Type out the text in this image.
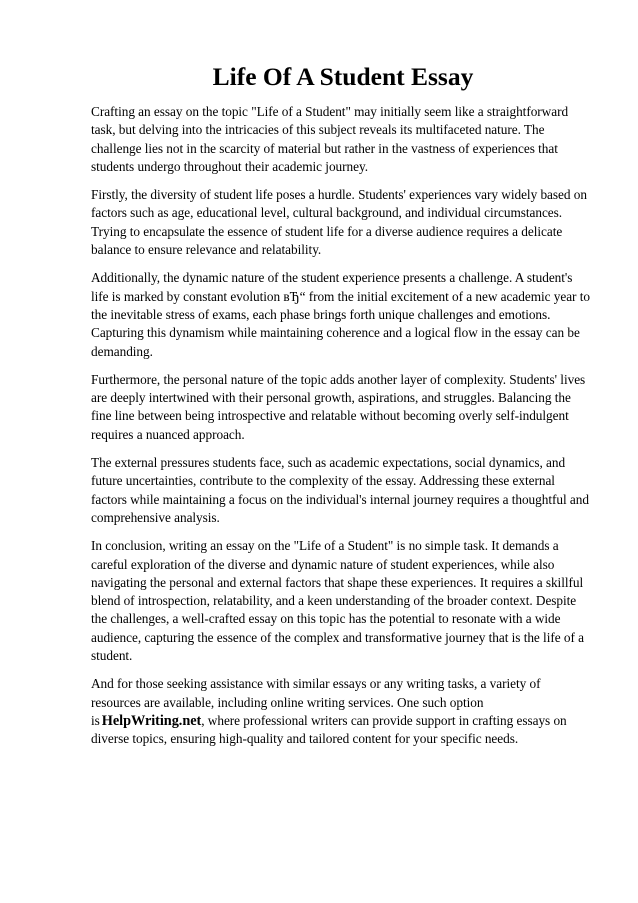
Life Of A Student Essay

Crafting an essay on the topic "Life of a Student" may initially seem like a straightforward task, but delving into the intricacies of this subject reveals its multifaceted nature. The challenge lies not in the scarcity of material but rather in the vastness of experiences that students undergo throughout their academic journey.

Firstly, the diversity of student life poses a hurdle. Students' experiences vary widely based on factors such as age, educational level, cultural background, and individual circumstances. Trying to encapsulate the essence of student life for a diverse audience requires a delicate balance to ensure relevance and relatability.

Additionally, the dynamic nature of the student experience presents a challenge. A student's life is marked by constant evolution вЂ“ from the initial excitement of a new academic year to the inevitable stress of exams, each phase brings forth unique challenges and emotions. Capturing this dynamism while maintaining coherence and a logical flow in the essay can be demanding.

Furthermore, the personal nature of the topic adds another layer of complexity. Students' lives are deeply intertwined with their personal growth, aspirations, and struggles. Balancing the fine line between being introspective and relatable without becoming overly self-indulgent requires a nuanced approach.

The external pressures students face, such as academic expectations, social dynamics, and future uncertainties, contribute to the complexity of the essay. Addressing these external factors while maintaining a focus on the individual's internal journey requires a thoughtful and comprehensive analysis.

In conclusion, writing an essay on the "Life of a Student" is no simple task. It demands a careful exploration of the diverse and dynamic nature of student experiences, while also navigating the personal and external factors that shape these experiences. It requires a skillful blend of introspection, relatability, and a keen understanding of the broader context. Despite the challenges, a well-crafted essay on this topic has the potential to resonate with a wide audience, capturing the essence of the complex and transformative journey that is the life of a student.

And for those seeking assistance with similar essays or any writing tasks, a variety of resources are available, including online writing services. One such option is HelpWriting.net, where professional writers can provide support in crafting essays on diverse topics, ensuring high-quality and tailored content for your specific needs.
